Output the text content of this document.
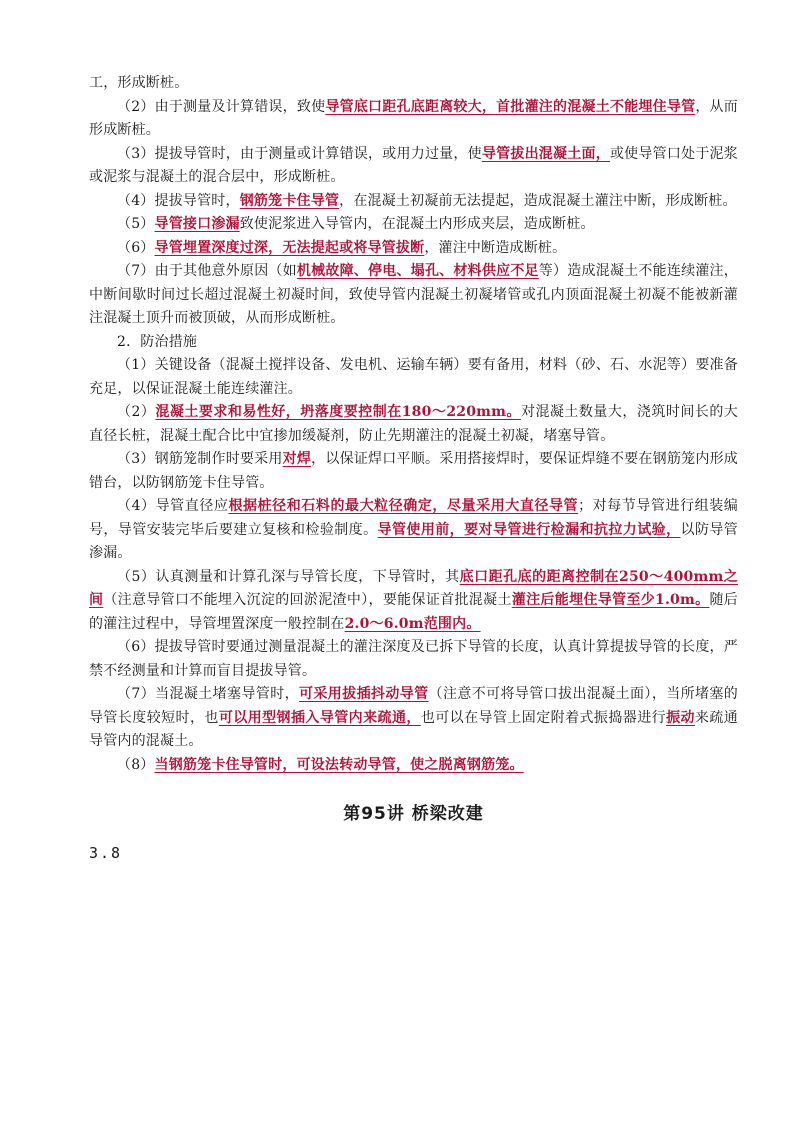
工，形成断桩。

（2）由于测量及计算错误，致使导管底口距孔底距离较大，首批灌注的混凝土不能埋住导管，从而形成断桩。

（3）提拔导管时，由于测量或计算错误，或用力过量，使导管拔出混凝土面，或使导管口处于泥浆或泥浆与混凝土的混合层中，形成断桩。

（4）提拔导管时，钢筋笼卡住导管，在混凝土初凝前无法提起，造成混凝土灌注中断，形成断桩。

（5）导管接口渗漏致使泥浆进入导管内，在混凝土内形成夹层，造成断桩。

（6）导管埋置深度过深，无法提起或将导管拔断，灌注中断造成断桩。

（7）由于其他意外原因（如机械故障、停电、塌孔、材料供应不足等）造成混凝土不能连续灌注，中断间歇时间过长超过混凝土初凝时间，致使导管内混凝土初凝堵管或孔内顶面混凝土初凝不能被新灌注混凝土顶升而被顶破，从而形成断桩。

2．防治措施

（1）关键设备（混凝土搅拌设备、发电机、运输车辆）要有备用，材料（砂、石、水泥等）要准备充足，以保证混凝土能连续灌注。

（2）混凝土要求和易性好，坍落度要控制在180～220mm。对混凝土数量大，浇筑时间长的大直径长桩，混凝土配合比中宜掺加缓凝剂，防止先期灌注的混凝土初凝，堵塞导管。

（3）钢筋笼制作时要采用对焊，以保证焊口平顺。采用搭接焊时，要保证焊缝不要在钢筋笼内形成错台，以防钢筋笼卡住导管。

（4）导管直径应根据桩径和石料的最大粒径确定，尽量采用大直径导管；对每节导管进行组装编号，导管安装完毕后要建立复核和检验制度。导管使用前，要对导管进行检漏和抗拉力试验，以防导管渗漏。

（5）认真测量和计算孔深与导管长度，下导管时，其底口距孔底的距离控制在250～400mm之间（注意导管口不能埋入沉淀的回淤泥渣中），要能保证首批混凝土灌注后能埋住导管至少1.0m。随后的灌注过程中，导管埋置深度一般控制在2.0～6.0m范围内。

（6）提拔导管时要通过测量混凝土的灌注深度及已拆下导管的长度，认真计算提拔导管的长度，严禁不经测量和计算而盲目提拔导管。

（7）当混凝土堵塞导管时，可采用拔插抖动导管（注意不可将导管口拔出混凝土面），当所堵塞的导管长度较短时，也可以用型钢插入导管内来疏通，也可以在导管上固定附着式振捣器进行振动来疏通导管内的混凝土。

（8）当钢筋笼卡住导管时，可设法转动导管，使之脱离钢筋笼。

第95讲 桥梁改建
3.8
